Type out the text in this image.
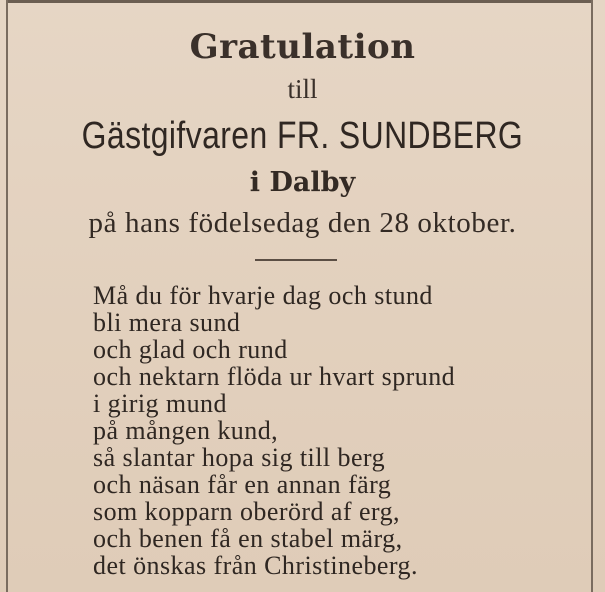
Gratulation
till
Gästgifvaren FR. SUNDBERG
i Dalby
på hans födelsedag den 28 oktober.
Må du för hvarje dag och stund
bli mera sund
och glad och rund
och nektarn flöda ur hvart sprund
i girig mund
på mången kund,
så slantar hopa sig till berg
och näsan får en annan färg
som kopparn oberörd af erg,
och benen få en stabel märg,
det önskas från Christineberg.
